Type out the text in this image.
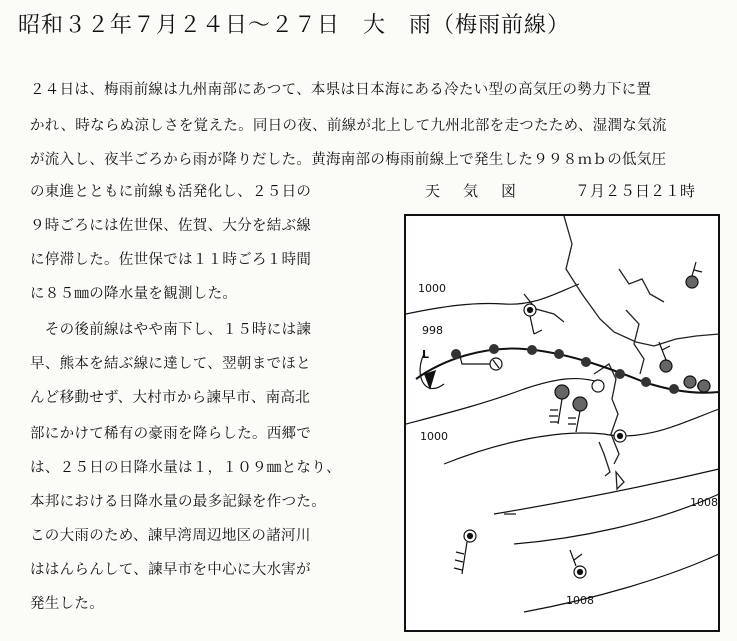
昭和３２年７月２４日～２７日　大　雨（梅雨前線）
２４日は、梅雨前線は九州南部にあつて、本県は日本海にある冷たい型の高気圧の勢力下に置
かれ、時ならぬ涼しさを覚えた。同日の夜、前線が北上して九州北部を走つたため、湿潤な気流
が流入し、夜半ごろから雨が降りだした。黄海南部の梅雨前線上で発生した９９８ｍｂの低気圧
の東進とともに前線も活発化し、２５日の
９時ごろには佐世保、佐賀、大分を結ぶ線
に停滞した。佐世保では１１時ごろ１時間
に８５㎜の降水量を観測した。
　その後前線はやや南下し、１５時には諫
早、熊本を結ぶ線に達して、翌朝までほと
んど移動せず、大村市から諫早市、南高北
部にかけて稀有の豪雨を降らした。西郷で
は、２５日の日降水量は１，１０９㎜となり、
本邦における日降水量の最多記録を作つた。
この大雨のため、諫早湾周辺地区の諸河川
ははんらんして、諫早市を中心に大水害が
発生した。
天　気　図	７月２５日２１時
1000
998
1000
1008
1008
L
